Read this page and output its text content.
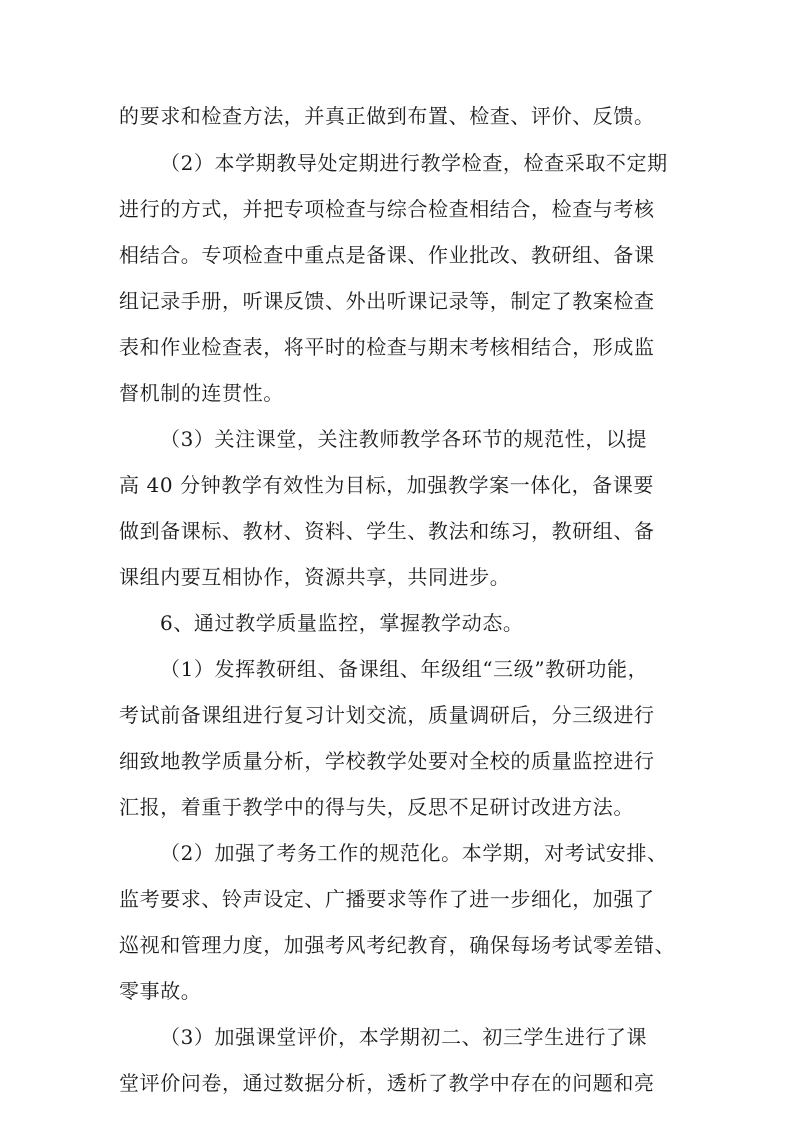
的要求和检查方法，并真正做到布置、检查、评价、反馈。
（2）本学期教导处定期进行教学检查，检查采取不定期
进行的方式，并把专项检查与综合检查相结合，检查与考核
相结合。专项检查中重点是备课、作业批改、教研组、备课
组记录手册，听课反馈、外出听课记录等，制定了教案检查
表和作业检查表，将平时的检查与期末考核相结合，形成监
督机制的连贯性。
（3）关注课堂，关注教师教学各环节的规范性，以提
高 40 分钟教学有效性为目标，加强教学案一体化，备课要
做到备课标、教材、资料、学生、教法和练习，教研组、备
课组内要互相协作，资源共享，共同进步。
6、通过教学质量监控，掌握教学动态。
（1）发挥教研组、备课组、年级组“三级”教研功能，
考试前备课组进行复习计划交流，质量调研后，分三级进行
细致地教学质量分析，学校教学处要对全校的质量监控进行
汇报，着重于教学中的得与失，反思不足研讨改进方法。
（2）加强了考务工作的规范化。本学期，对考试安排、
监考要求、铃声设定、广播要求等作了进一步细化，加强了
巡视和管理力度，加强考风考纪教育，确保每场考试零差错、
零事故。
（3）加强课堂评价，本学期初二、初三学生进行了课
堂评价问卷，通过数据分析，透析了教学中存在的问题和亮
